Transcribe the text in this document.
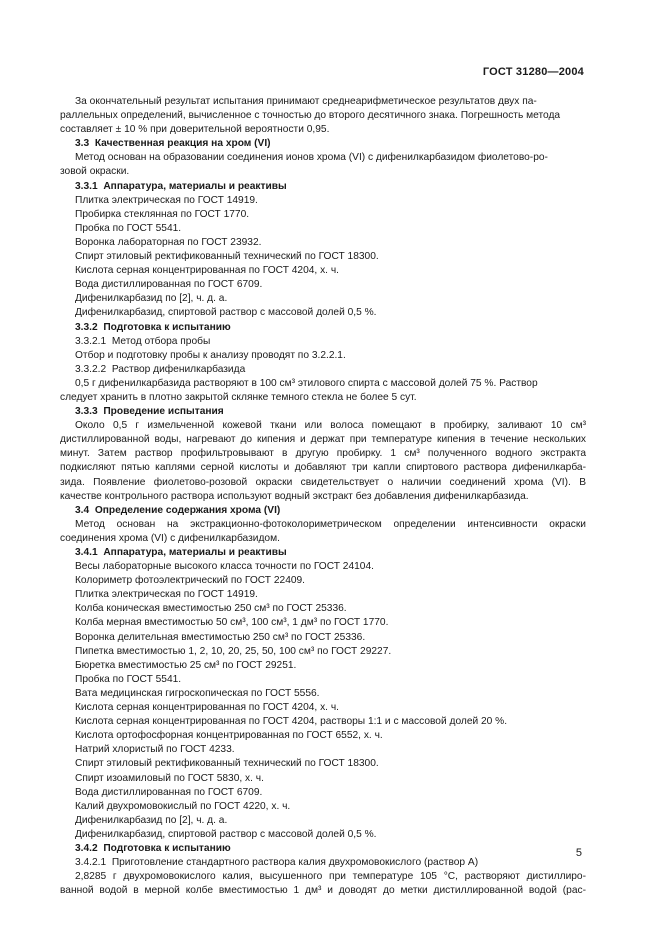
ГОСТ 31280—2004
За окончательный результат испытания принимают среднеарифметическое результатов двух па-
раллельных определений, вычисленное с точностью до второго десятичного знака. Погрешность метода
составляет ± 10 % при доверительной вероятности 0,95.
3.3  Качественная реакция на хром (VI)
Метод основан на образовании соединения ионов хрома (VI) с дифенилкарбазидом фиолетово-ро-
зовой окраски.
3.3.1  Аппаратура, материалы и реактивы
Плитка электрическая по ГОСТ 14919.
Пробирка стеклянная по ГОСТ 1770.
Пробка по ГОСТ 5541.
Воронка лабораторная по ГОСТ 23932.
Спирт этиловый ректификованный технический по ГОСТ 18300.
Кислота серная концентрированная по ГОСТ 4204, х. ч.
Вода дистиллированная по ГОСТ 6709.
Дифенилкарбазид по [2], ч. д. а.
Дифенилкарбазид, спиртовой раствор с массовой долей 0,5 %.
3.3.2  Подготовка к испытанию
3.3.2.1  Метод отбора пробы
Отбор и подготовку пробы к анализу проводят по 3.2.2.1.
3.3.2.2  Раствор дифенилкарбазида
0,5 г дифенилкарбазида растворяют в 100 см³ этилового спирта с массовой долей 75 %. Раствор
следует хранить в плотно закрытой склянке темного стекла не более 5 сут.
3.3.3  Проведение испытания
Около 0,5 г измельченной кожевой ткани или волоса помещают в пробирку, заливают 10 см³
дистиллированной воды, нагревают до кипения и держат при температуре кипения в течение нескольких
минут. Затем раствор профильтровывают в другую пробирку. 1 см³ полученного водного экстракта
подкисляют пятью каплями серной кислоты и добавляют три капли спиртового раствора дифенилкарба-
зида. Появление фиолетово-розовой окраски свидетельствует о наличии соединений хрома (VI). В
качестве контрольного раствора используют водный экстракт без добавления дифенилкарбазида.
3.4  Определение содержания хрома (VI)
Метод основан на экстракционно-фотоколориметрическом определении интенсивности окраски
соединения хрома (VI) с дифенилкарбазидом.
3.4.1  Аппаратура, материалы и реактивы
Весы лабораторные высокого класса точности по ГОСТ 24104.
Колориметр фотоэлектрический по ГОСТ 22409.
Плитка электрическая по ГОСТ 14919.
Колба коническая вместимостью 250 см³ по ГОСТ 25336.
Колба мерная вместимостью 50 см³, 100 см³, 1 дм³ по ГОСТ 1770.
Воронка делительная вместимостью 250 см³ по ГОСТ 25336.
Пипетка вместимостью 1, 2, 10, 20, 25, 50, 100 см³ по ГОСТ 29227.
Бюретка вместимостью 25 см³ по ГОСТ 29251.
Пробка по ГОСТ 5541.
Вата медицинская гигроскопическая по ГОСТ 5556.
Кислота серная концентрированная по ГОСТ 4204, х. ч.
Кислота серная концентрированная по ГОСТ 4204, растворы 1:1 и с массовой долей 20 %.
Кислота ортофосфорная концентрированная по ГОСТ 6552, х. ч.
Натрий хлористый по ГОСТ 4233.
Спирт этиловый ректификованный технический по ГОСТ 18300.
Спирт изоамиловый по ГОСТ 5830, х. ч.
Вода дистиллированная по ГОСТ 6709.
Калий двухромовокислый по ГОСТ 4220, х. ч.
Дифенилкарбазид по [2], ч. д. а.
Дифенилкарбазид, спиртовой раствор с массовой долей 0,5 %.
3.4.2  Подготовка к испытанию
3.4.2.1  Приготовление стандартного раствора калия двухромовокислого (раствор А)
2,8285 г двухромовокислого калия, высушенного при температуре 105 °С, растворяют дистиллиро-
ванной водой в мерной колбе вместимостью 1 дм³ и доводят до метки дистиллированной водой (рас-
5
